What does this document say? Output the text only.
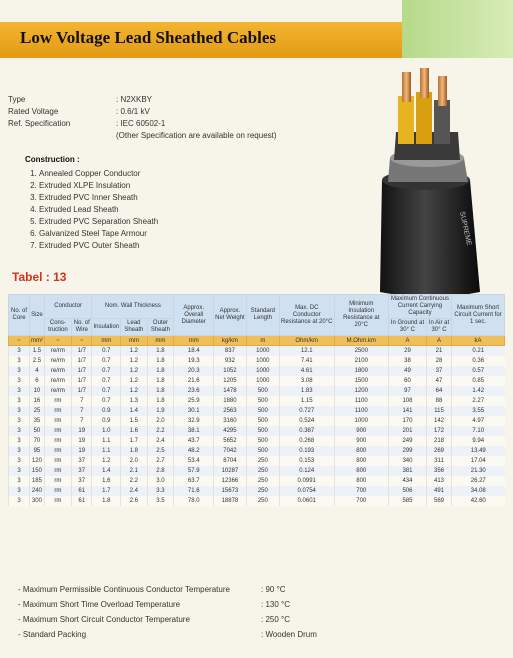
Low Voltage Lead Sheathed Cables
Type	: N2XKBY
Rated Voltage	: 0.6/1 kV
Ref. Specification	: IEC 60502-1
(Other Specification are available on request)
Construction :
1. Annealed Copper Conductor
2. Extruded XLPE Insulation
3. Extruded PVC Inner Sheath
4. Extruded Lead Sheath
5. Extruded PVC Separation Sheath
6. Galvanized Steel Tape Armour
7. Extruded PVC Outer Sheath	SUPREME
Tabel : 13
No. of Core	Size	Conductor		Nom. Wall Thickness			Approx. Overall Diameter	Approx. Net Weight	Standard Length	Max. DC Conductor Resistance at 20°C	Minimum Insulation Resistance at 20°C	Maximum Continuous Current Carrying Capacity		Maximum Short Circuit Current for 1 sec.
		Cons-truction	No. of Wire	Insulation	Lead Sheath	Outer Sheath						In Ground at 30° C	In Air at 30° C	
~	mm²	~	~	mm	mm	mm	mm	kg/km	m	Ohm/km	M.Ohm.km	A	A	kA
3	1.5	re/rm	1/7	0.7	1.2	1.8	18.4	837	1000	12.1	2500	29	21	0.21
3	2.5	re/rm	1/7	0.7	1.2	1.8	19.3	932	1000	7.41	2100	38	28	0.36
3	4	re/rm	1/7	0.7	1.2	1.8	20.3	1052	1000	4.61	1800	49	37	0.57
3	6	re/rm	1/7	0.7	1.2	1.8	21.6	1205	1000	3.08	1500	60	47	0.85
3	10	re/rm	1/7	0.7	1.2	1.8	23.6	1478	500	1.83	1200	97	64	1.42
3	16	rm	7	0.7	1.3	1.8	25.9	1880	500	1.15	1100	108	88	2.27
3	25	rm	7	0.9	1.4	1.9	30.1	2563	500	0.727	1100	141	115	3.55
3	35	rm	7	0.9	1.5	2.0	32.9	3160	500	0.524	1000	170	142	4.97
3	50	rm	19	1.0	1.6	2.2	38.1	4295	500	0.387	900	201	172	7.10
3	70	rm	19	1.1	1.7	2.4	43.7	5652	500	0.268	900	249	218	9.94
3	95	rm	19	1.1	1.8	2.5	48.2	7042	500	0.193	800	299	269	13.49
3	120	rm	37	1.2	2.0	2.7	53.4	8704	250	0.153	800	340	311	17.04
3	150	rm	37	1.4	2.1	2.8	57.9	10287	250	0.124	800	381	356	21.30
3	185	rm	37	1.6	2.2	3.0	63.7	12366	250	0.0991	800	434	413	26.27
3	240	rm	61	1.7	2.4	3.3	71.6	15673	250	0.0754	700	506	491	34.08
3	300	rm	61	1.8	2.6	3.5	78.0	18878	250	0.0601	700	585	569	42.60
- Maximum Permissible Continuous Conductor Temperature	: 90 °C
- Maximum Short Time Overload Temperature	: 130 °C
- Maximum Short Circuit Conductor Temperature	: 250 °C
- Standard Packing	: Wooden Drum
